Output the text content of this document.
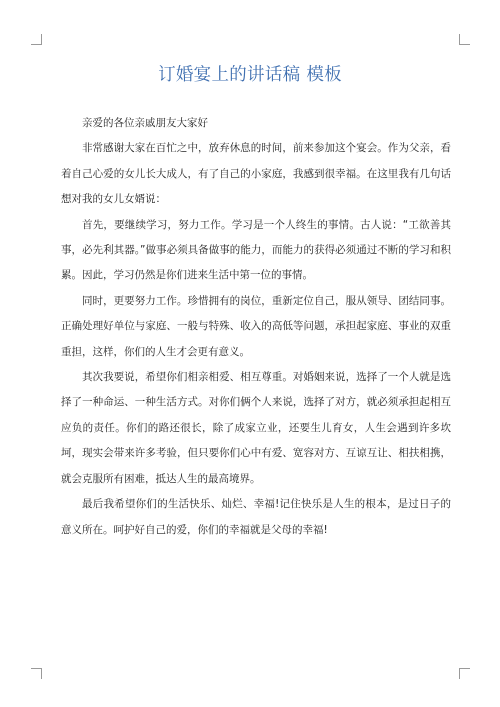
订婚宴上的讲话稿 模板

亲爱的各位亲戚朋友大家好

非常感谢大家在百忙之中，放弃休息的时间，前来参加这个宴会。作为父亲，看着自己心爱的女儿长大成人，有了自己的小家庭，我感到很幸福。在这里我有几句话想对我的女儿女婿说：

首先，要继续学习，努力工作。学习是一个人终生的事情。古人说：“工欲善其事，必先利其器。”做事必须具备做事的能力，而能力的获得必须通过不断的学习和积累。因此，学习仍然是你们进来生活中第一位的事情。

同时，更要努力工作。珍惜拥有的岗位，重新定位自己，服从领导、团结同事。正确处理好单位与家庭、一般与特殊、收入的高低等问题，承担起家庭、事业的双重重担，这样，你们的人生才会更有意义。

其次我要说，希望你们相亲相爱、相互尊重。对婚姻来说，选择了一个人就是选择了一种命运、一种生活方式。对你们俩个人来说，选择了对方，就必须承担起相互应负的责任。你们的路还很长，除了成家立业，还要生儿育女，人生会遇到许多坎坷，现实会带来许多考验，但只要你们心中有爱、宽容对方、互谅互让、相扶相携，就会克服所有困难，抵达人生的最高境界。

最后我希望你们的生活快乐、灿烂、幸福!记住快乐是人生的根本，是过日子的意义所在。呵护好自己的爱，你们的幸福就是父母的幸福!
